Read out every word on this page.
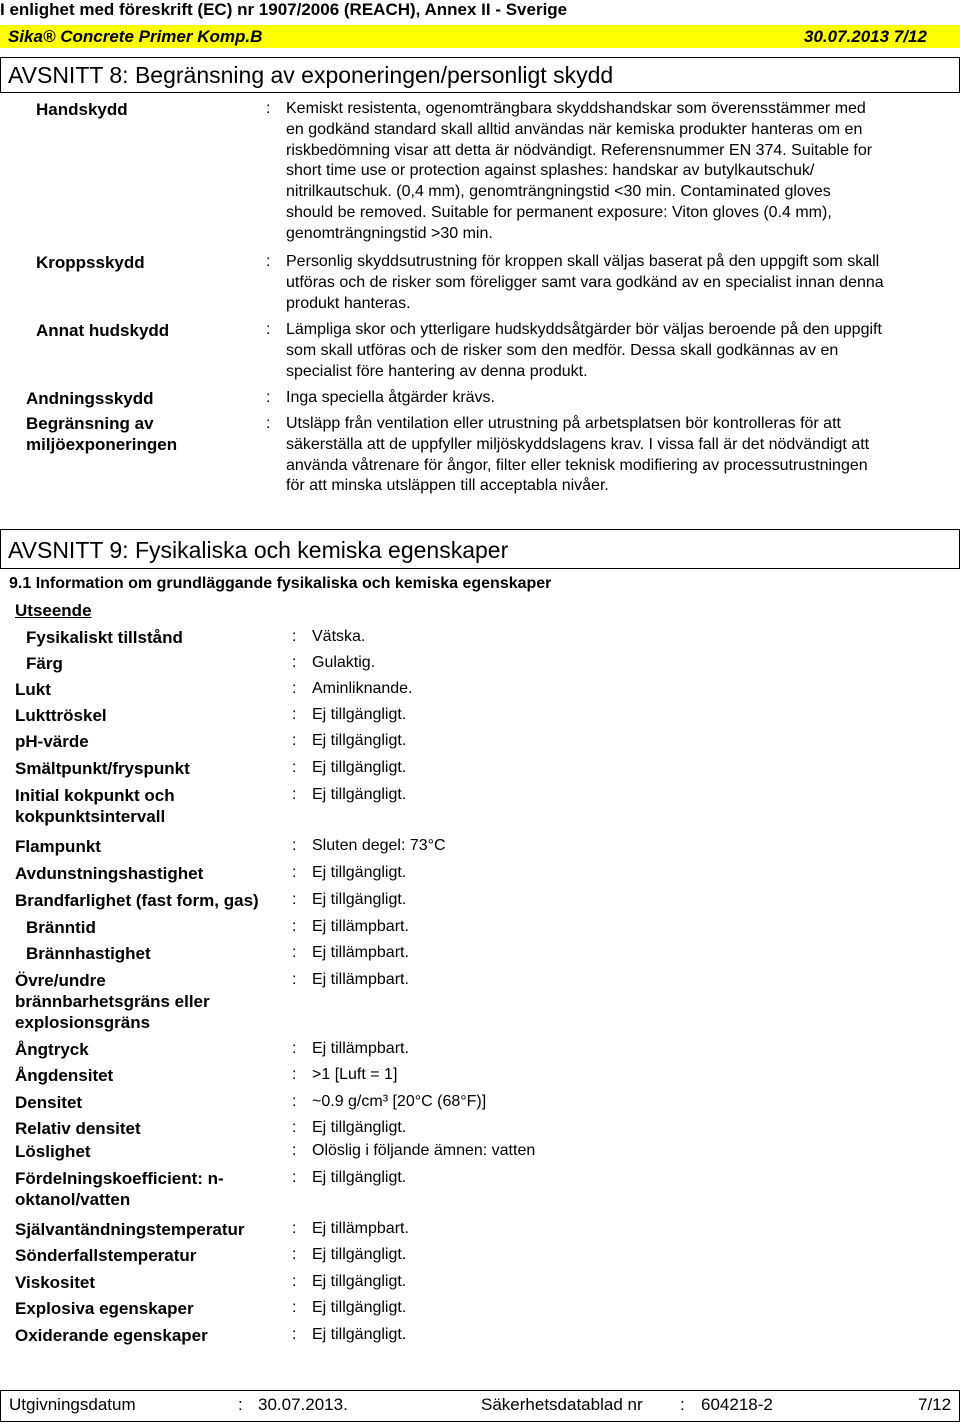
I enlighet med föreskrift (EC) nr 1907/2006 (REACH), Annex II - Sverige
Sika® Concrete Primer Komp.B	30.07.2013 7/12
AVSNITT 8: Begränsning av exponeringen/personligt skydd
Handskydd	: Kemiskt resistenta, ogenomträngbara skyddshandskar som överensstämmer med
en godkänd standard skall alltid användas när kemiska produkter hanteras om en
riskbedömning visar att detta är nödvändigt. Referensnummer EN 374. Suitable for
short time use or protection against splashes: handskar av butylkautschuk/
nitrilkautschuk. (0,4 mm), genomträngningstid <30 min. Contaminated gloves
should be removed. Suitable for permanent exposure: Viton gloves (0.4 mm),
genomträngningstid >30 min.
Kroppsskydd	: Personlig skyddsutrustning för kroppen skall väljas baserat på den uppgift som skall
utföras och de risker som föreligger samt vara godkänd av en specialist innan denna
produkt hanteras.
Annat hudskydd	: Lämpliga skor och ytterligare hudskyddsåtgärder bör väljas beroende på den uppgift
som skall utföras och de risker som den medför. Dessa skall godkännas av en
specialist före hantering av denna produkt.
Andningsskydd	: Inga speciella åtgärder krävs.
Begränsning av
miljöexponeringen
: Utsläpp från ventilation eller utrustning på arbetsplatsen bör kontrolleras för att
säkerställa att de uppfyller miljöskyddslagens krav. I vissa fall är det nödvändigt att
använda våtrenare för ångor, filter eller teknisk modifiering av processutrustningen
för att minska utsläppen till acceptabla nivåer.
AVSNITT 9: Fysikaliska och kemiska egenskaper
9.1 Information om grundläggande fysikaliska och kemiska egenskaper
Utseende
Fysikaliskt tillstånd	: Vätska.
Färg	: Gulaktig.
Lukt	: Aminliknande.
Lukttröskel	: Ej tillgängligt.
pH-värde	: Ej tillgängligt.
Smältpunkt/fryspunkt	: Ej tillgängligt.
Initial kokpunkt och
kokpunktsintervall
: Ej tillgängligt.
Flampunkt	: Sluten degel: 73°C
Avdunstningshastighet	: Ej tillgängligt.
Brandfarlighet (fast form, gas) : Ej tillgängligt.
Bränntid	: Ej tillämpbart.
Brännhastighet	: Ej tillämpbart.
Övre/undre
brännbarhetsgräns eller
explosionsgräns
: Ej tillämpbart.
Ångtryck	: Ej tillämpbart.
Ångdensitet	: >1 [Luft = 1]
Densitet	: ~0.9 g/cm³ [20°C (68°F)]
Relativ densitet	: Ej tillgängligt.
Löslighet	: Olöslig i följande ämnen: vatten
Fördelningskoefficient: n-
oktanol/vatten
: Ej tillgängligt.
Självantändningstemperatur	: Ej tillämpbart.
Sönderfallstemperatur	: Ej tillgängligt.
Viskositet	: Ej tillgängligt.
Explosiva egenskaper	: Ej tillgängligt.
Oxiderande egenskaper	: Ej tillgängligt.
Utgivningsdatum	: 30.07.2013.	Säkerhetsdatablad nr : 604218-2	7/12
